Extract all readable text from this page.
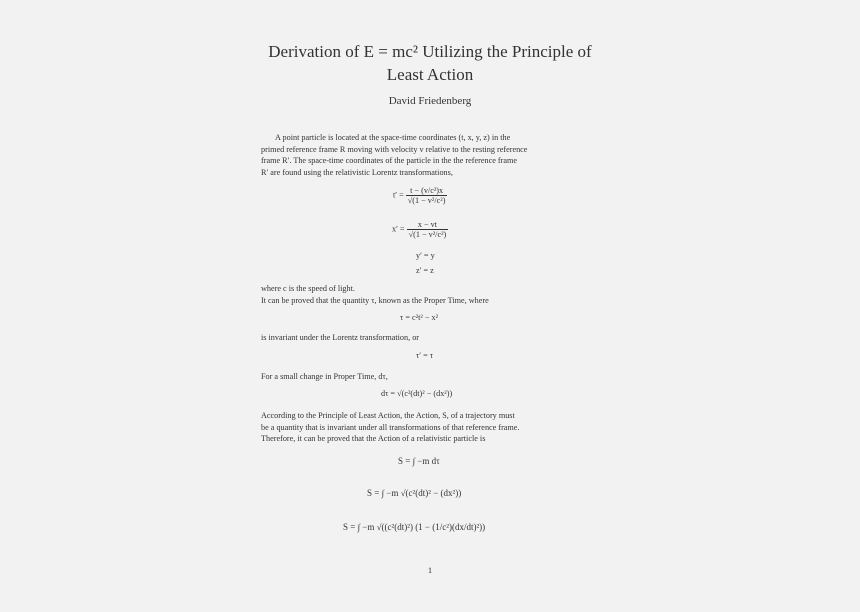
Derivation of E = mc² Utilizing the Principle of
Least Action
David Friedenberg
A point particle is located at the space-time coordinates (t, x, y, z) in the
primed reference frame R moving with velocity v relative to the resting reference
frame R′. The space-time coordinates of the particle in the the reference frame
R′ are found using the relativistic Lorentz transformations,
$t' = \frac{\text{t − (v/c²)x}}{\text{√(1 − v²/c²)}}$
$x' = \frac{x - vt}{\text{√(1 − v²/c²)}}$
y′ = y
z′ = z
where c is the speed of light.
It can be proved that the quantity τ, known as the Proper Time, where
τ = c²t² − x²
is invariant under the Lorentz transformation, or
τ′ = τ
For a small change in Proper Time, dτ,
dτ = √(c²(dt)² − (dx²))
According to the Principle of Least Action, the Action, S, of a trajectory must
be a quantity that is invariant under all transformations of that reference frame.
Therefore, it can be proved that the Action of a relativistic particle is
S = ∫ −m dτ
S = ∫ −m √(c²(dt)² − (dx²))
S = ∫ −m √((c²(dt)²) (1 − (1/c²)(dx/dt)²))
1
